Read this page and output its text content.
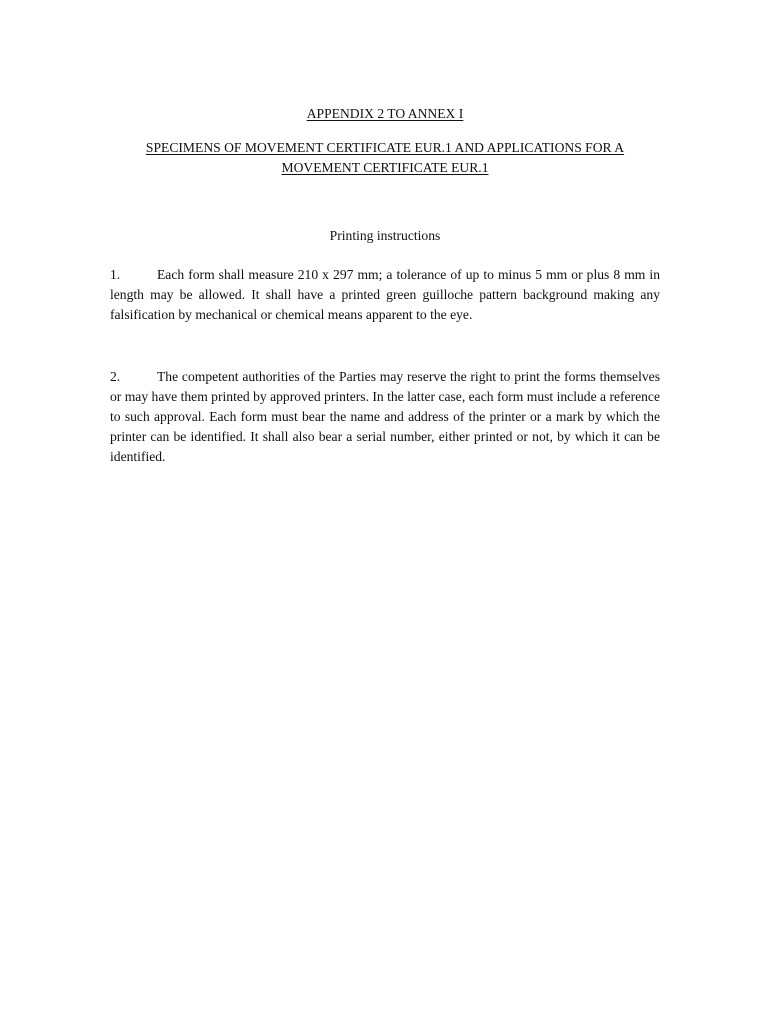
APPENDIX 2 TO ANNEX I
SPECIMENS OF MOVEMENT CERTIFICATE EUR.1 AND APPLICATIONS FOR A MOVEMENT CERTIFICATE EUR.1
Printing instructions
1.	Each form shall measure 210 x 297 mm; a tolerance of up to minus 5 mm or plus 8 mm in length may be allowed. It shall have a printed green guilloche pattern background making any falsification by mechanical or chemical means apparent to the eye.
2.	The competent authorities of the Parties may reserve the right to print the forms themselves or may have them printed by approved printers. In the latter case, each form must include a reference to such approval. Each form must bear the name and address of the printer or a mark by which the printer can be identified. It shall also bear a serial number, either printed or not, by which it can be identified.
